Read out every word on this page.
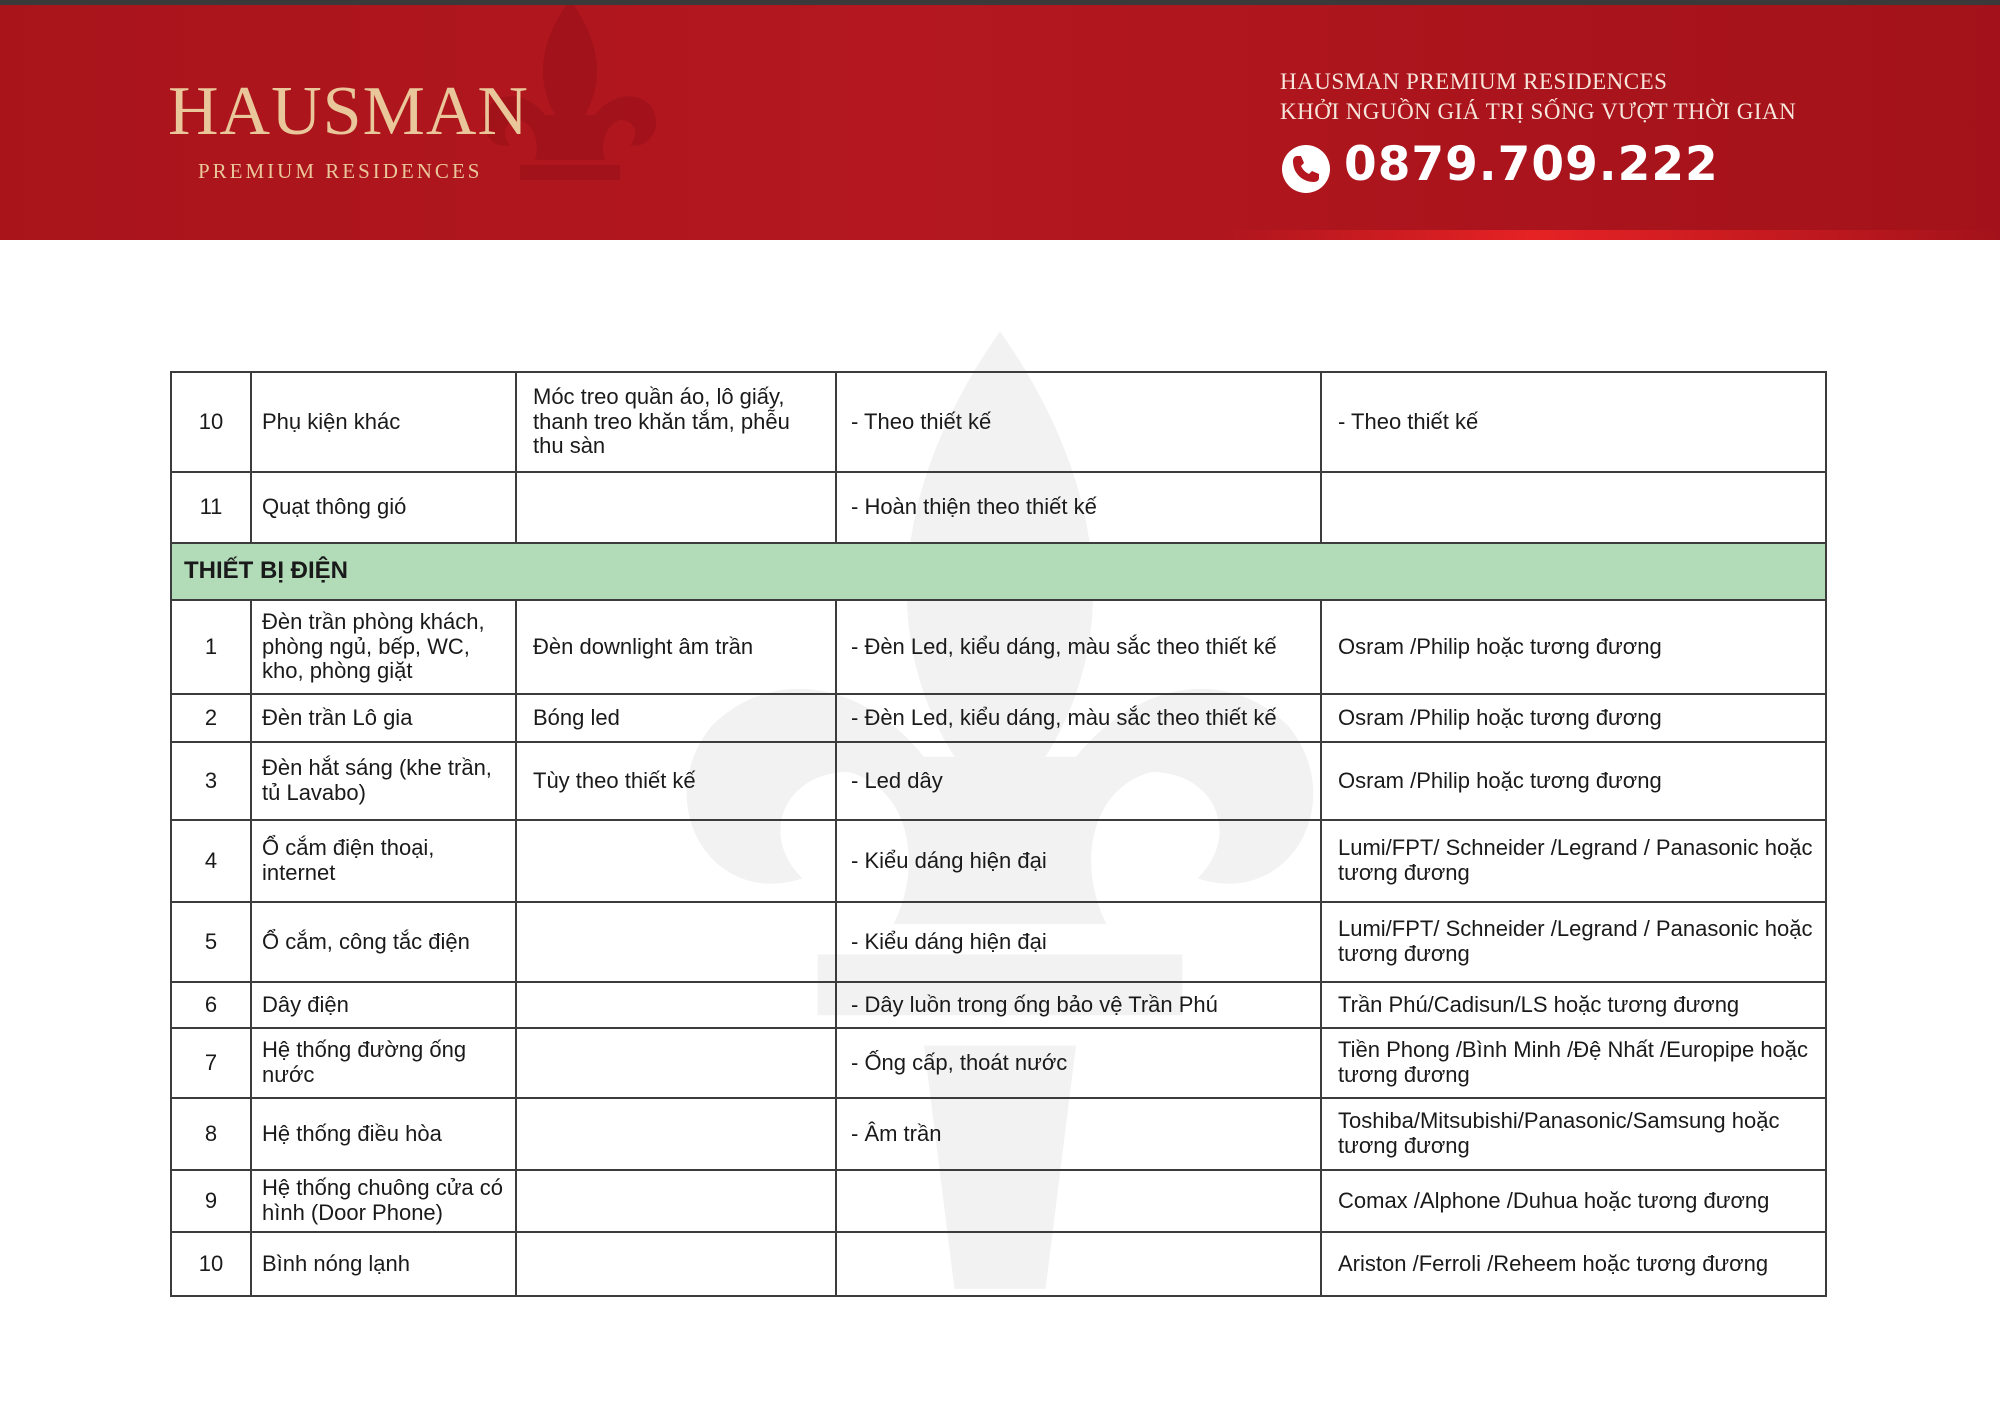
HAUSMAN
PREMIUM RESIDENCES
HAUSMAN PREMIUM RESIDENCES
KHỞI NGUỒN GIÁ TRỊ SỐNG VƯỢT THỜI GIAN
0879.709.222
10	Phụ kiện khác	Móc treo quần áo, lô giấy, thanh treo khăn tắm, phễu thu sàn	- Theo thiết kế	- Theo thiết kế
11	Quạt thông gió		- Hoàn thiện theo thiết kế	
THIẾT BỊ ĐIỆN				
1	Đèn trần phòng khách, phòng ngủ, bếp, WC, kho, phòng giặt	Đèn downlight âm trần	- Đèn Led, kiểu dáng, màu sắc theo thiết kế	Osram /Philip hoặc tương đương
2	Đèn trần Lô gia	Bóng led	- Đèn Led, kiểu dáng, màu sắc theo thiết kế	Osram /Philip hoặc tương đương
3	Đèn hắt sáng (khe trần, tủ Lavabo)	Tùy theo thiết kế	- Led dây	Osram /Philip hoặc tương đương
4	Ổ cắm điện thoại, internet		- Kiểu dáng hiện đại	Lumi/FPT/ Schneider /Legrand / Panasonic hoặc tương đương
5	Ổ cắm, công tắc điện		- Kiểu dáng hiện đại	Lumi/FPT/ Schneider /Legrand / Panasonic hoặc tương đương
6	Dây điện		- Dây luồn trong ống bảo vệ Trần Phú	Trần Phú/Cadisun/LS hoặc tương đương
7	Hệ thống đường ống nước		- Ống cấp, thoát nước	Tiền Phong /Bình Minh /Đệ Nhất /Europipe hoặc tương đương
8	Hệ thống điều hòa		- Âm trần	Toshiba/Mitsubishi/Panasonic/Samsung hoặc tương đương
9	Hệ thống chuông cửa có hình (Door Phone)			Comax /Alphone /Duhua hoặc tương đương
10	Bình nóng lạnh			Ariston /Ferroli /Reheem hoặc tương đương
